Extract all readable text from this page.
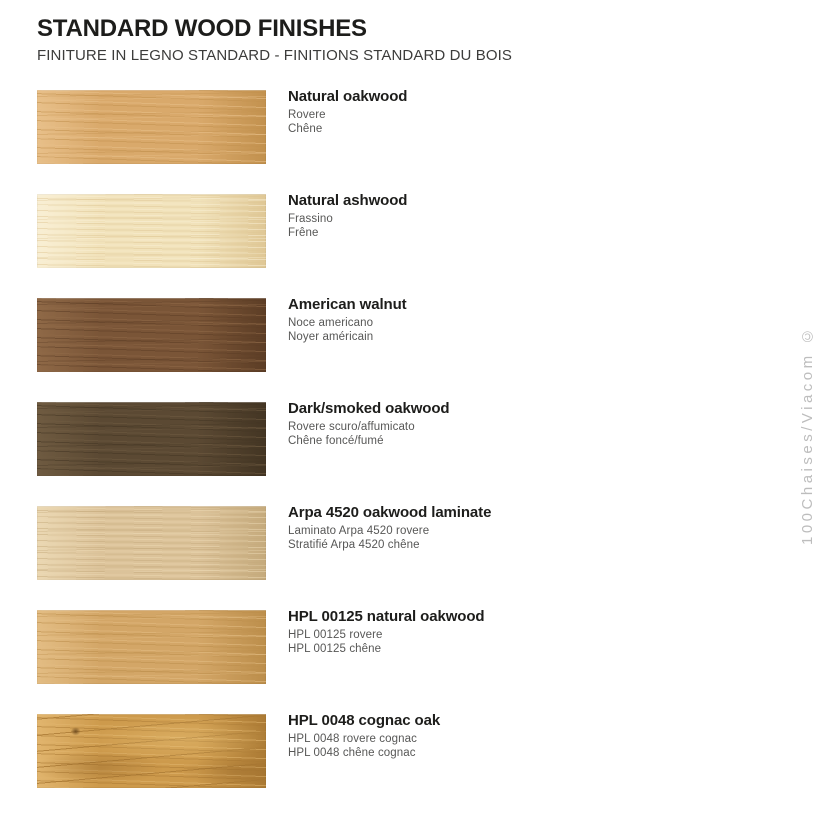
STANDARD WOOD FINISHES
FINITURE IN LEGNO STANDARD - FINITIONS STANDARD DU BOIS
Natural oakwood
Rovere
Chêne
Natural ashwood
Frassino
Frêne
American walnut
Noce americano
Noyer américain
Dark/smoked oakwood
Rovere scuro/affumicato
Chêne foncé/fumé
Arpa 4520 oakwood laminate
Laminato Arpa 4520 rovere
Stratifié Arpa 4520 chêne
HPL 00125 natural oakwood
HPL 00125 rovere
HPL 00125 chêne
HPL 0048 cognac oak
HPL 0048 rovere cognac
HPL 0048 chêne cognac
100Chaises/Viacom ©
